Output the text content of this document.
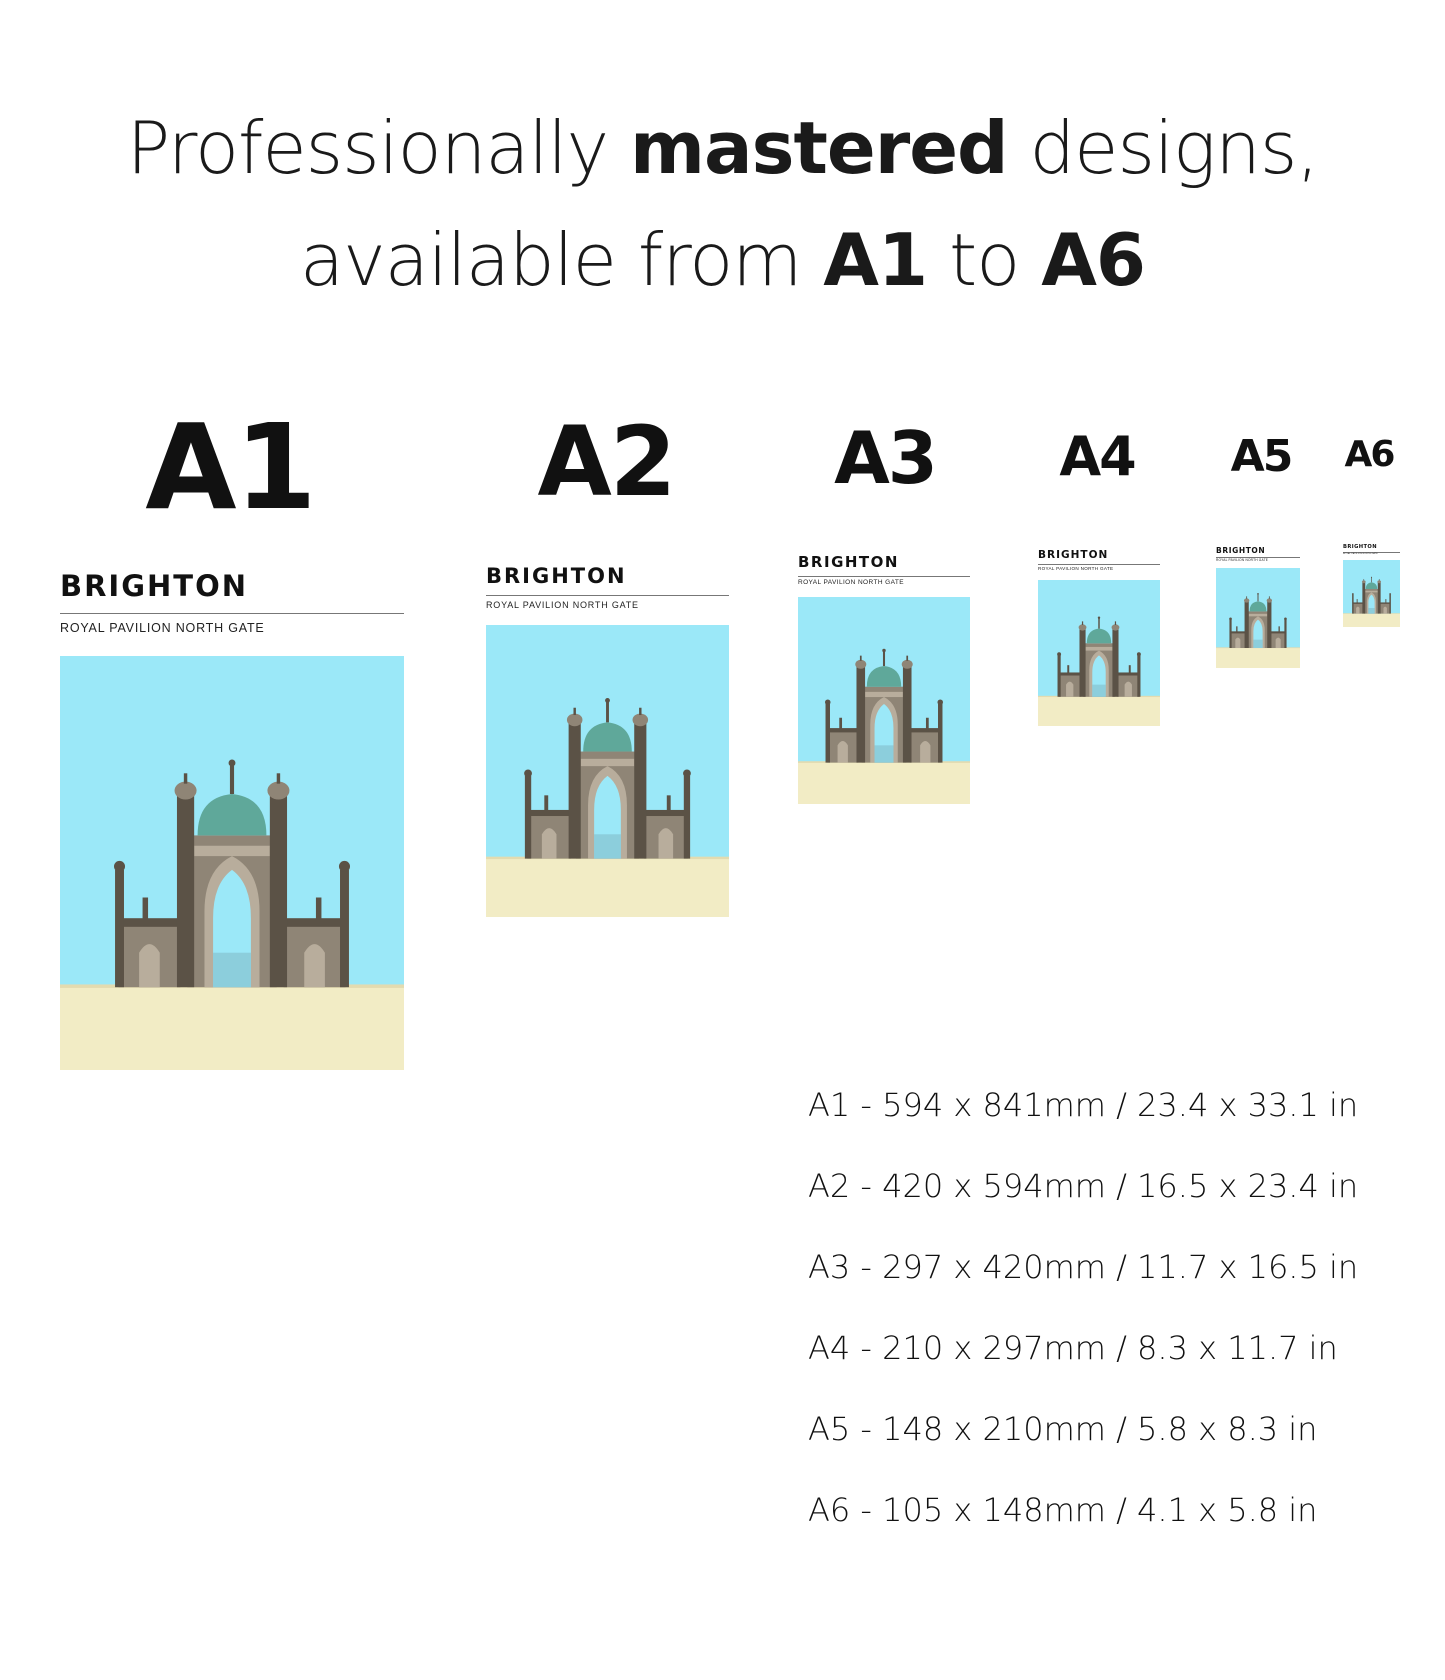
Professionally mastered designs,
available from A1 to A6
A1 A2 A3 A4 A5 A6
BRIGHTON
ROYAL PAVILION NORTH GATE
BRIGHTON
ROYAL PAVILION NORTH GATE
BRIGHTON
ROYAL PAVILION NORTH GATE
BRIGHTON
ROYAL PAVILION NORTH GATE
BRIGHTON
ROYAL PAVILION NORTH GATE
BRIGHTON
ROYAL PAVILION NORTH GATE
A1 - 594 x 841mm / 23.4 x 33.1 in
A2 - 420 x 594mm / 16.5 x 23.4 in
A3 - 297 x 420mm / 11.7 x 16.5 in
A4 - 210 x 297mm / 8.3 x 11.7 in
A5 - 148 x 210mm / 5.8 x 8.3 in
A6 - 105 x 148mm / 4.1 x 5.8 in
